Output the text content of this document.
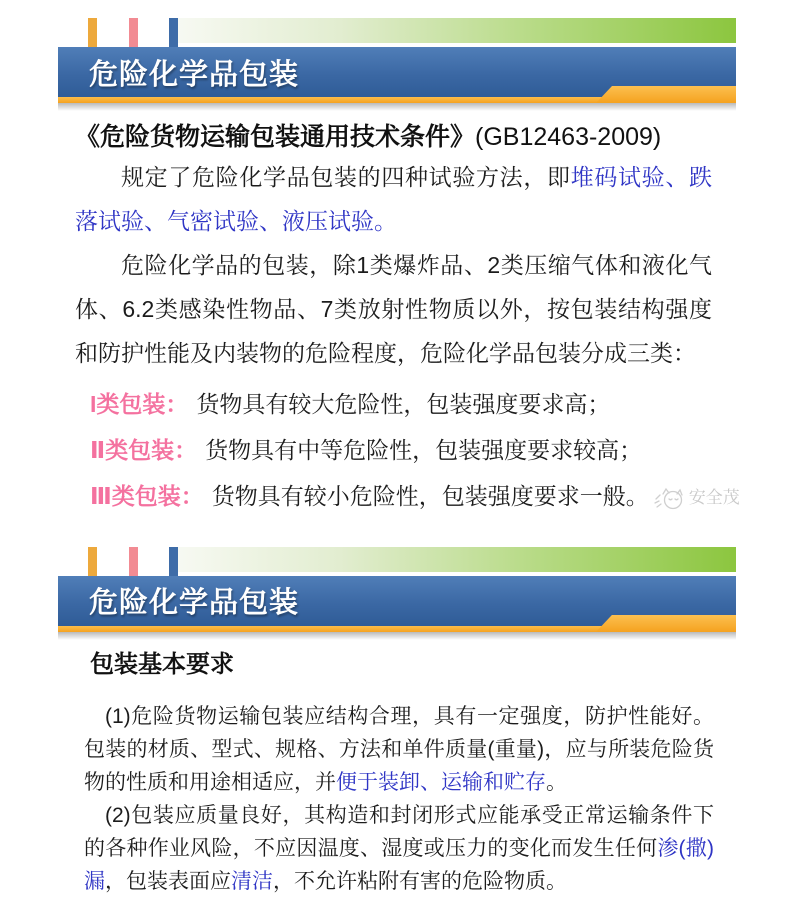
危险化学品包装

《危险货物运输包装通用技术条件》(GB12463-2009)

规定了危险化学品包装的四种试验方法，即堆码试验、跌落试验、气密试验、液压试验。

危险化学品的包装，除1类爆炸品、2类压缩气体和液化气体、6.2类感染性物品、7类放射性物质以外，按包装结构强度和防护性能及内装物的危险程度，危险化学品包装分成三类：

I类包装： 货物具有较大危险性，包装强度要求高；
Ⅱ类包装： 货物具有中等危险性，包装强度要求较高；
Ⅲ类包装： 货物具有较小危险性，包装强度要求一般。 安全茂
危险化学品包装
包装基本要求

(1)危险货物运输包装应结构合理，具有一定强度，防护性能好。包装的材质、型式、规格、方法和单件质量(重量)，应与所装危险货物的性质和用途相适应，并便于装卸、运输和贮存。

(2)包装应质量良好，其构造和封闭形式应能承受正常运输条件下的各种作业风险，不应因温度、湿度或压力的变化而发生任何渗(撒)漏，包装表面应清洁，不允许粘附有害的危险物质。
